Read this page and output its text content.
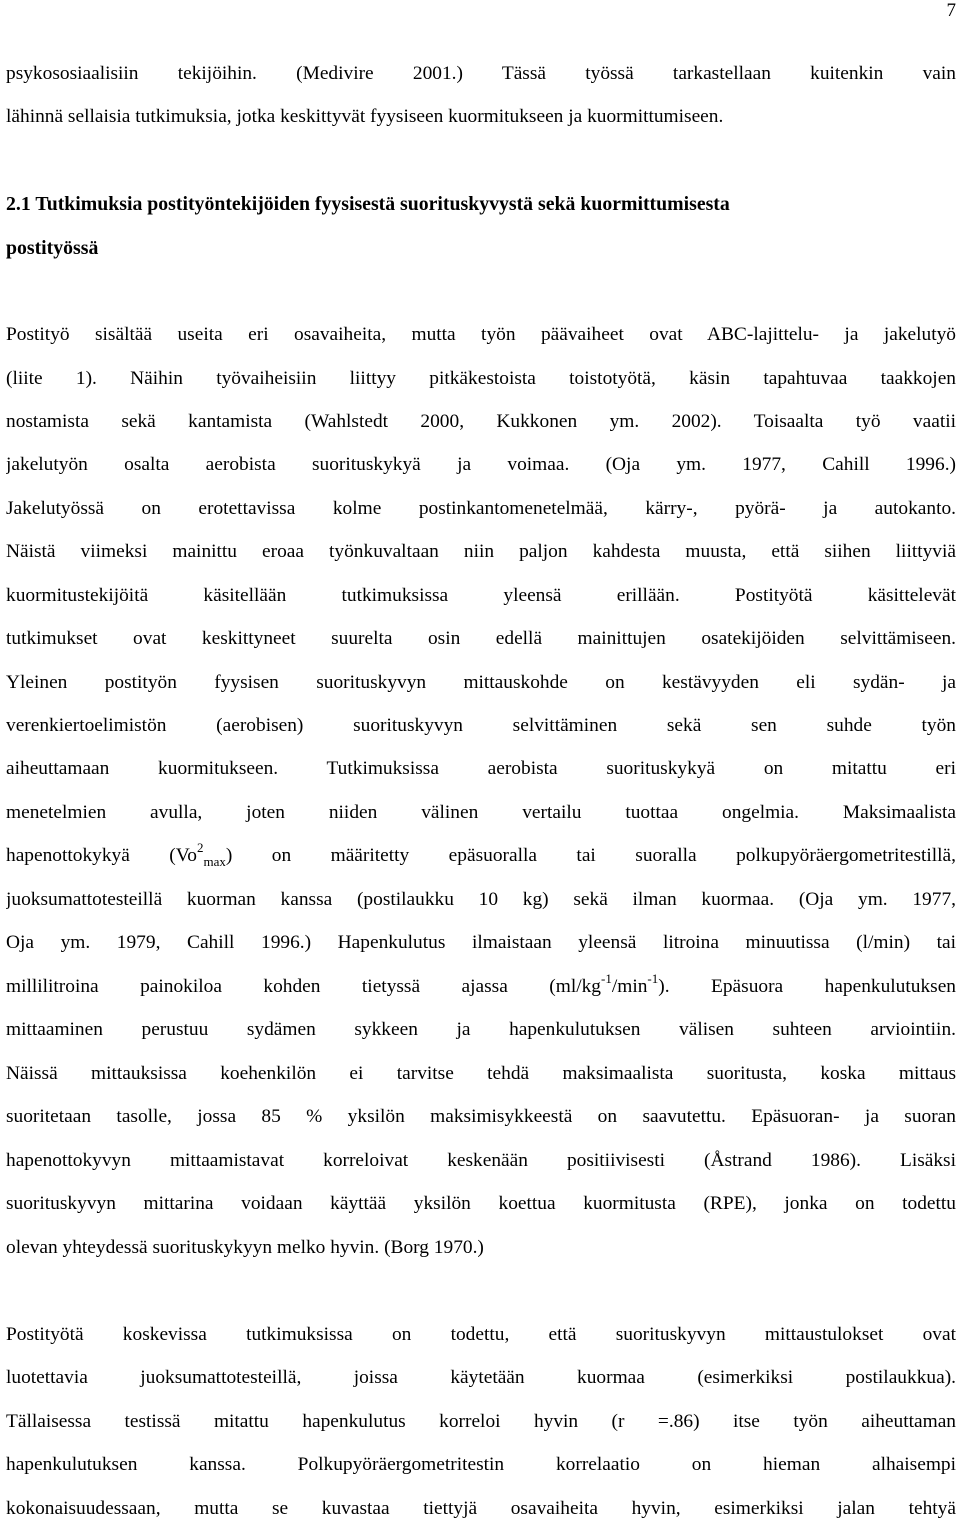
7
psykososiaalisiin tekijöihin. (Medivire 2001.) Tässä työssä tarkastellaan kuitenkin vain
lähinnä sellaisia tutkimuksia, jotka keskittyvät fyysiseen kuormitukseen ja kuormittumiseen.
2.1 Tutkimuksia postityöntekijöiden fyysisestä suorituskyvystä sekä kuormittumisesta
postityössä
Postityö sisältää useita eri osavaiheita, mutta työn päävaiheet ovat ABC-lajittelu- ja jakelutyö
(liite 1). Näihin työvaiheisiin liittyy pitkäkestoista toistotyötä, käsin tapahtuvaa taakkojen
nostamista sekä kantamista (Wahlstedt 2000, Kukkonen ym. 2002). Toisaalta työ vaatii
jakelutyön osalta aerobista suorituskykyä ja voimaa. (Oja ym. 1977, Cahill 1996.)
Jakelutyössä on erotettavissa kolme postinkantomenetelmää, kärry-, pyörä- ja autokanto.
Näistä viimeksi mainittu eroaa työnkuvaltaan niin paljon kahdesta muusta, että siihen liittyviä
kuormitustekijöitä käsitellään tutkimuksissa yleensä erillään. Postityötä käsittelevät
tutkimukset ovat keskittyneet suurelta osin edellä mainittujen osatekijöiden selvittämiseen.
Yleinen postityön fyysisen suorituskyvyn mittauskohde on kestävyyden eli sydän- ja
verenkiertoelimistön (aerobisen) suorituskyvyn selvittäminen sekä sen suhde työn
aiheuttamaan kuormitukseen. Tutkimuksissa aerobista suorituskykyä on mitattu eri
menetelmien avulla, joten niiden välinen vertailu tuottaa ongelmia. Maksimaalista
hapenottokykyä $(Vo^2_{max})$ on määritetty epäsuoralla tai suoralla polkupyöräergometritestillä,
juoksumattotesteillä kuorman kanssa (postilaukku 10 kg) sekä ilman kuormaa. (Oja ym. 1977,
Oja ym. 1979, Cahill 1996.) Hapenkulutus ilmaistaan yleensä litroina minuutissa (l/min) tai
millilitroina painokiloa kohden tietyssä ajassa $(ml/kg^{-1}/\min^{-1})$. Epäsuora hapenkulutuksen
mittaaminen perustuu sydämen sykkeen ja hapenkulutuksen välisen suhteen arviointiin.
Näissä mittauksissa koehenkilön ei tarvitse tehdä maksimaalista suoritusta, koska mittaus
suoritetaan tasolle, jossa 85 % yksilön maksimisykkeestä on saavutettu. Epäsuoran- ja suoran
hapenottokyvyn mittaamistavat korreloivat keskenään positiivisesti (Åstrand 1986). Lisäksi
suorituskyvyn mittarina voidaan käyttää yksilön koettua kuormitusta (RPE), jonka on todettu
olevan yhteydessä suorituskykyyn melko hyvin. (Borg 1970.)
Postityötä koskevissa tutkimuksissa on todettu, että suorituskyvyn mittaustulokset ovat
luotettavia juoksumattotesteillä, joissa käytetään kuormaa (esimerkiksi postilaukkua).
Tällaisessa testissä mitattu hapenkulutus korreloi hyvin (r =.86) itse työn aiheuttaman
hapenkulutuksen kanssa. Polkupyöräergometritestin korrelaatio on hieman alhaisempi
kokonaisuudessaan, mutta se kuvastaa tiettyjä osavaiheita hyvin, esimerkiksi jalan tehtyä
